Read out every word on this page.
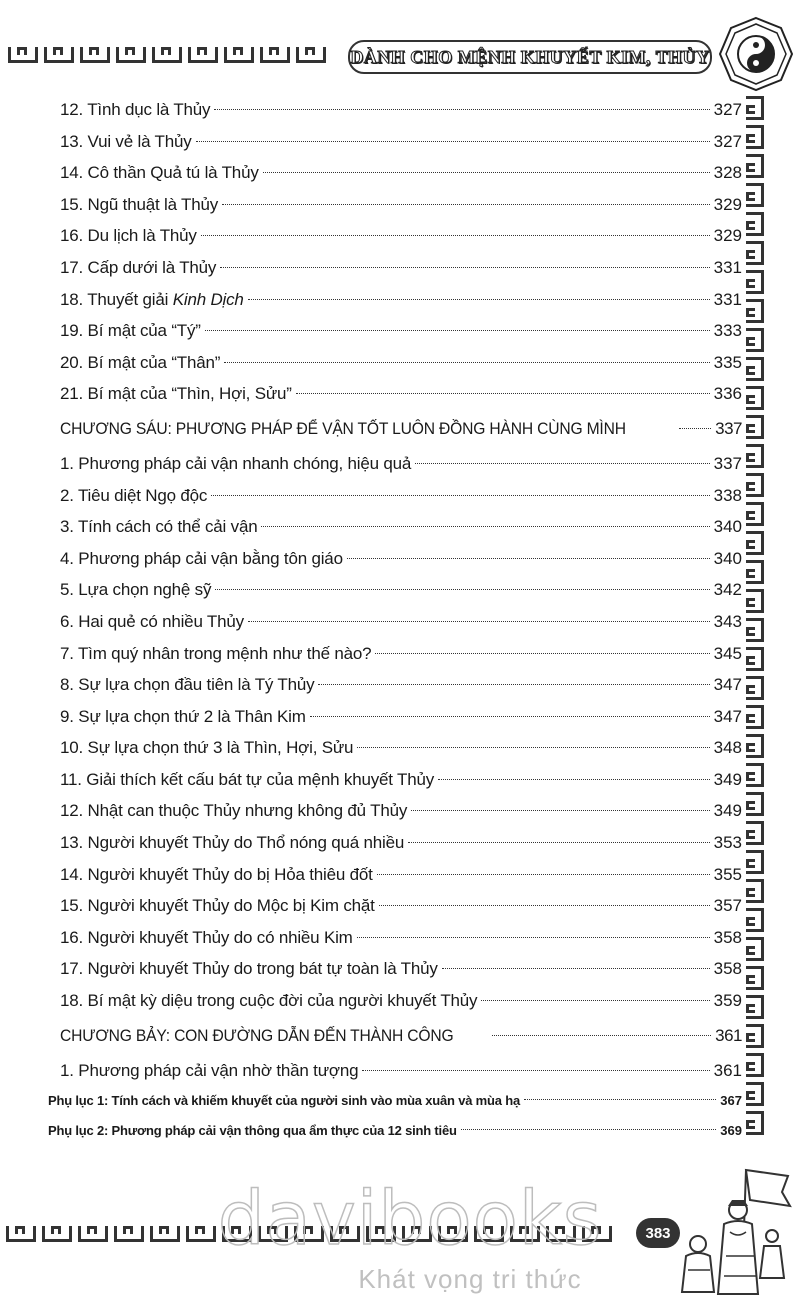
DÀNH CHO MỆNH KHUYẾT KIM, THỦY
12. Tình dục là Thủy	327
13. Vui vẻ là Thủy	327
14. Cô thần Quả tú là Thủy	328
15. Ngũ thuật là Thủy	329
16. Du lịch là Thủy	329
17. Cấp dưới là Thủy	331
18. Thuyết giải Kinh Dịch	331
19. Bí mật của “Tý”	333
20. Bí mật của “Thân”	335
21. Bí mật của “Thìn, Hợi, Sửu”	336
CHƯƠNG SÁU: PHƯƠNG PHÁP ĐỂ VẬN TỐT LUÔN ĐỒNG HÀNH CÙNG MÌNH	337
1. Phương pháp cải vận nhanh chóng, hiệu quả	337
2. Tiêu diệt Ngọ độc	338
3. Tính cách có thể cải vận	340
4. Phương pháp cải vận bằng tôn giáo	340
5. Lựa chọn nghệ sỹ	342
6. Hai quẻ có nhiều Thủy	343
7. Tìm quý nhân trong mệnh như thế nào?	345
8. Sự lựa chọn đầu tiên là Tý Thủy	347
9. Sự lựa chọn thứ 2 là Thân Kim	347
10. Sự lựa chọn thứ 3 là Thìn, Hợi, Sửu	348
11. Giải thích kết cấu bát tự của mệnh khuyết Thủy	349
12. Nhật can thuộc Thủy nhưng không đủ Thủy	349
13. Người khuyết Thủy do Thổ nóng quá nhiều	353
14. Người khuyết Thủy do bị Hỏa thiêu đốt	355
15. Người khuyết Thủy do Mộc bị Kim chặt	357
16. Người khuyết Thủy do có nhiều Kim	358
17. Người khuyết Thủy do trong bát tự toàn là Thủy	358
18. Bí mật kỳ diệu trong cuộc đời của người khuyết Thủy	359
CHƯƠNG BẢY: CON ĐƯỜNG DẪN ĐẾN THÀNH CÔNG	361
1. Phương pháp cải vận nhờ thần tượng	361
Phụ lục 1: Tính cách và khiếm khuyết của người sinh vào mùa xuân và mùa hạ	367
Phụ lục 2: Phương pháp cải vận thông qua ẩm thực của 12 sinh tiêu	369
davibooks
Khát vọng tri thức
383
